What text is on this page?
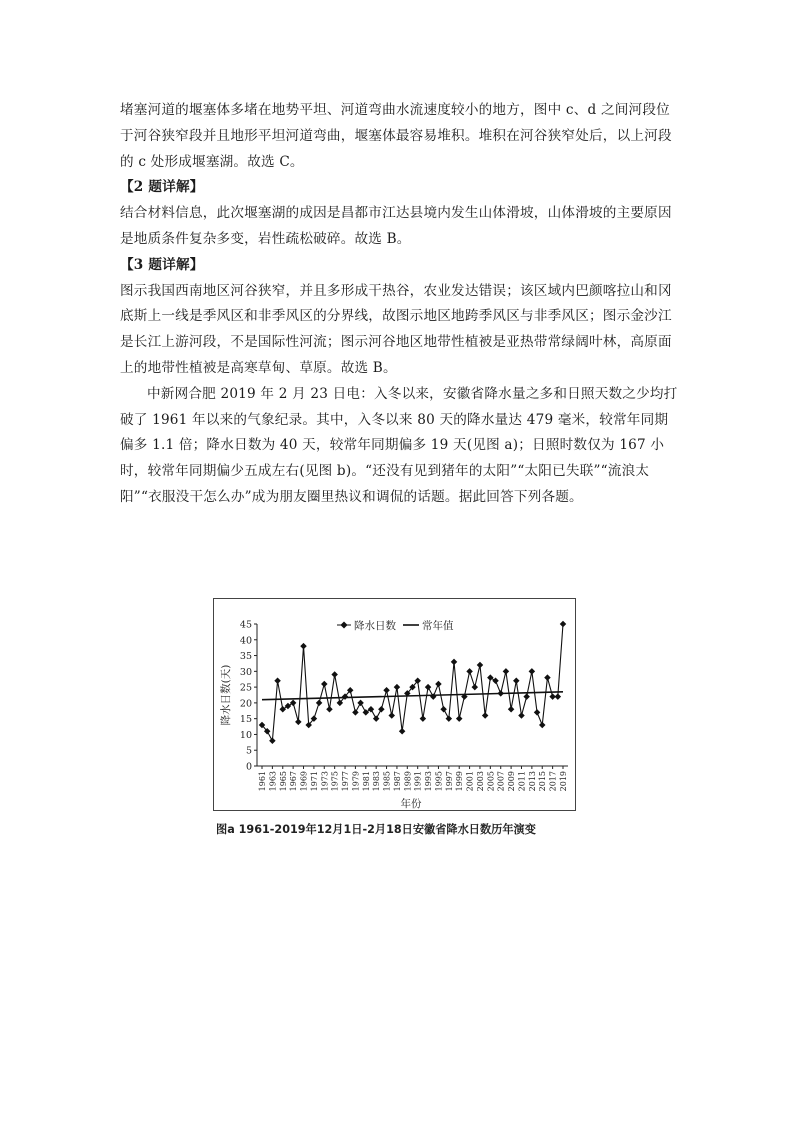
堵塞河道的堰塞体多堵在地势平坦、河道弯曲水流速度较小的地方，图中 c、d 之间河段位于河谷狭窄段并且地形平坦河道弯曲，堰塞体最容易堆积。堆积在河谷狭窄处后，以上河段的 c 处形成堰塞湖。故选 C。

【2 题详解】

结合材料信息，此次堰塞湖的成因是昌都市江达县境内发生山体滑坡，山体滑坡的主要原因是地质条件复杂多变，岩性疏松破碎。故选 B。

【3 题详解】

图示我国西南地区河谷狭窄，并且多形成干热谷，农业发达错误；该区域内巴颜喀拉山和冈底斯上一线是季风区和非季风区的分界线，故图示地区地跨季风区与非季风区；图示金沙江是长江上游河段，不是国际性河流；图示河谷地区地带性植被是亚热带常绿阔叶林，高原面上的地带性植被是高寒草甸、草原。故选 B。

中新网合肥 2019 年 2 月 23 日电：入冬以来，安徽省降水量之多和日照天数之少均打破了 1961 年以来的气象纪录。其中，入冬以来 80 天的降水量达 479 毫米，较常年同期偏多 1.1 倍；降水日数为 40 天，较常年同期偏多 19 天(见图 a)；日照时数仅为 167 小时，较常年同期偏少五成左右(见图 b)。“还没有见到猪年的太阳”“太阳已失联”“流浪太阳”“衣服没干怎么办”成为朋友圈里热议和调侃的话题。据此回答下列各题。

0
5
10
15
20
25
30
35
40
45
1961 1963 1965 1967 1969 1971 1973 1975 1977 1979 1981 1983 1985 1987 1989 1991 1993 1995 1997 1999 2001 2003 2005 2007 2009 2011 2013 2015 2017 2019
降水日数 常年值
降水日数(天)
年份
图a 1961-2019年12月1日-2月18日安徽省降水日数历年演变
